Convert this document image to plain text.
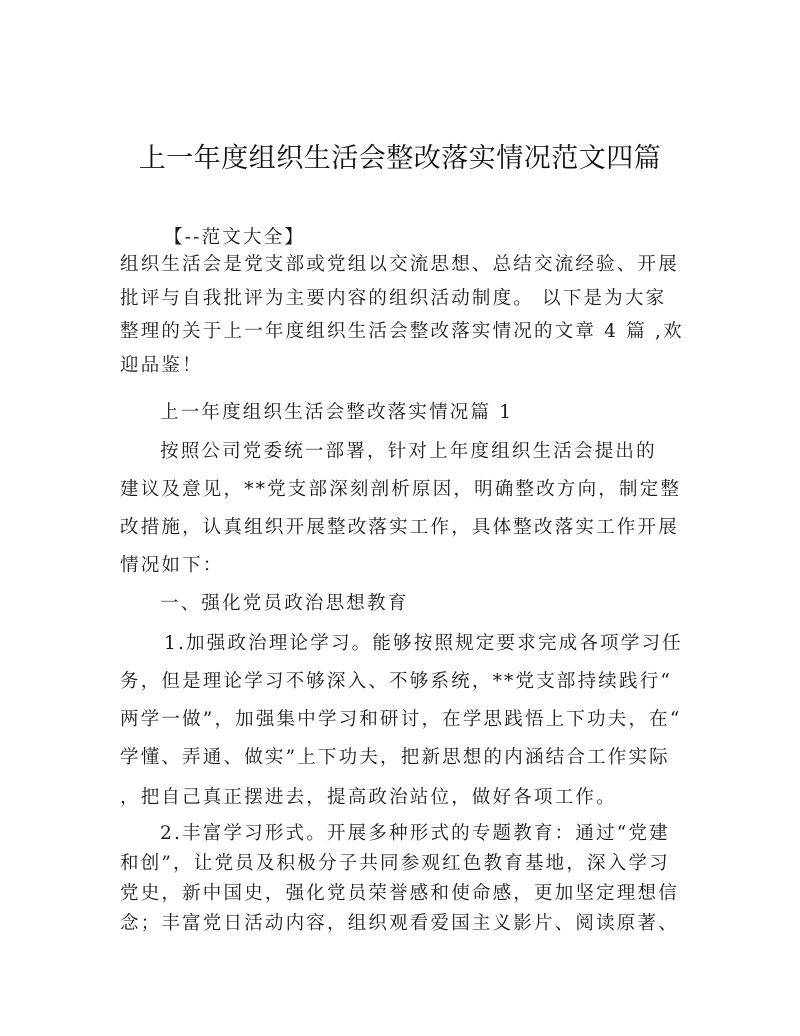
上一年度组织生活会整改落实情况范文四篇
【--范文大全】
组织生活会是党支部或党组以交流思想、总结交流经验、开展
批评与自我批评为主要内容的组织活动制度。 以下是为大家
整理的关于上一年度组织生活会整改落实情况的文章 4 篇 ,欢
迎品鉴！
上一年度组织生活会整改落实情况篇 1
按照公司党委统一部署，针对上年度组织生活会提出的
建议及意见，**党支部深刻剖析原因，明确整改方向，制定整
改措施，认真组织开展整改落实工作，具体整改落实工作开展
情况如下：
一、强化党员政治思想教育
1.加强政治理论学习。能够按照规定要求完成各项学习任
务，但是理论学习不够深入、不够系统，**党支部持续践行“
两学一做”，加强集中学习和研讨，在学思践悟上下功夫，在“
学懂、弄通、做实”上下功夫，把新思想的内涵结合工作实际
，把自己真正摆进去，提高政治站位，做好各项工作。
2.丰富学习形式。开展多种形式的专题教育：通过“党建
和创”，让党员及积极分子共同参观红色教育基地，深入学习
党史，新中国史，强化党员荣誉感和使命感，更加坚定理想信
念；丰富党日活动内容，组织观看爱国主义影片、阅读原著、
